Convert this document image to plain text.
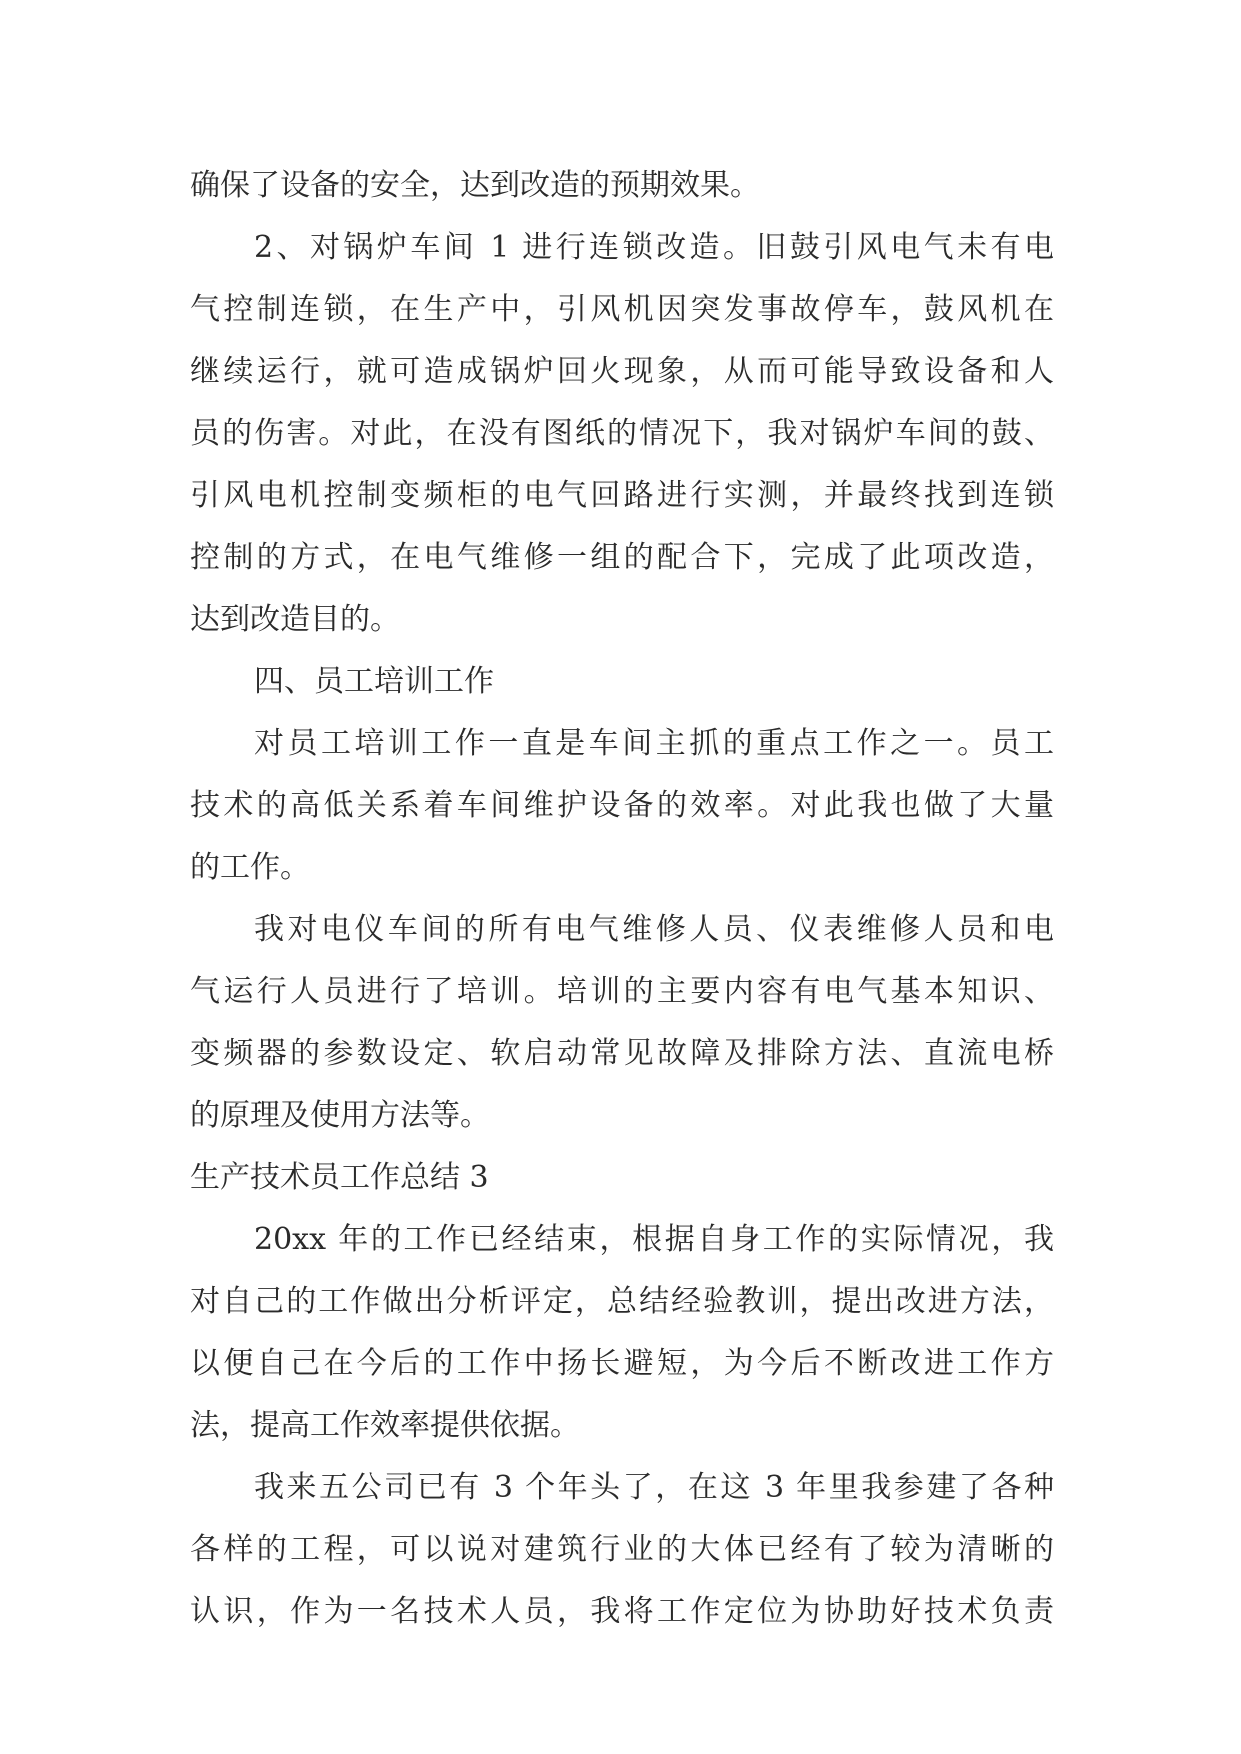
确保了设备的安全，达到改造的预期效果。
2、对锅炉车间 1 进行连锁改造。旧鼓引风电气未有电
气控制连锁，在生产中，引风机因突发事故停车，鼓风机在
继续运行，就可造成锅炉回火现象，从而可能导致设备和人
员的伤害。对此，在没有图纸的情况下，我对锅炉车间的鼓、
引风电机控制变频柜的电气回路进行实测，并最终找到连锁
控制的方式，在电气维修一组的配合下，完成了此项改造，
达到改造目的。
四、员工培训工作
对员工培训工作一直是车间主抓的重点工作之一。员工
技术的高低关系着车间维护设备的效率。对此我也做了大量
的工作。
我对电仪车间的所有电气维修人员、仪表维修人员和电
气运行人员进行了培训。培训的主要内容有电气基本知识、
变频器的参数设定、软启动常见故障及排除方法、直流电桥
的原理及使用方法等。
生产技术员工作总结 3
20xx 年的工作已经结束，根据自身工作的实际情况，我
对自己的工作做出分析评定，总结经验教训，提出改进方法，
以便自己在今后的工作中扬长避短，为今后不断改进工作方
法，提高工作效率提供依据。
我来五公司已有 3 个年头了，在这 3 年里我参建了各种
各样的工程，可以说对建筑行业的大体已经有了较为清晰的
认识，作为一名技术人员，我将工作定位为协助好技术负责
